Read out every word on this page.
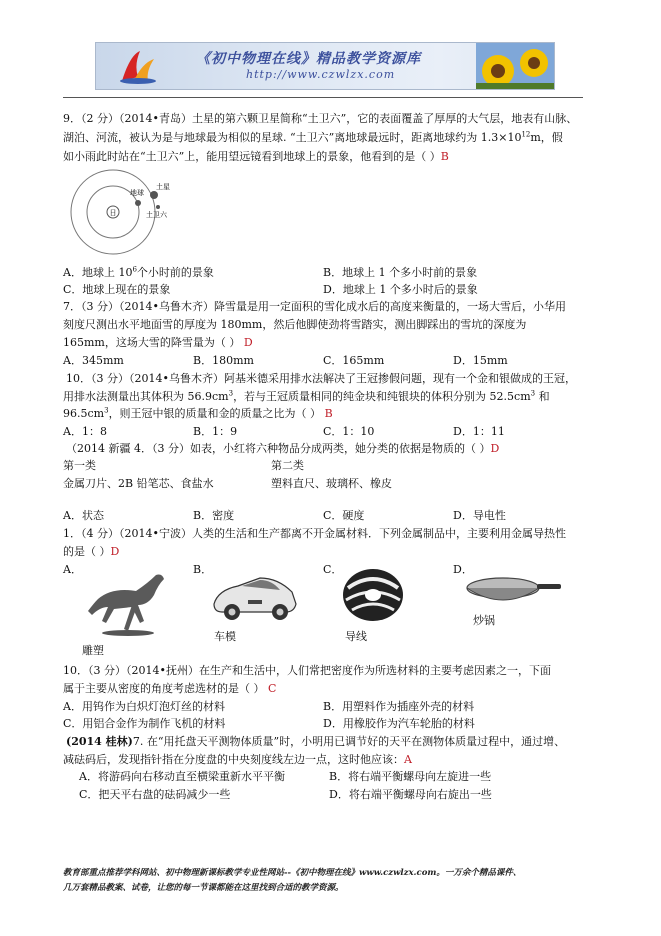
《初中物理在线》精品教学资源库
http://www.czwlzx.com
9．（2 分）（2014•青岛）土星的第六颗卫星简称“土卫六”，它的表面覆盖了厚厚的大气层，地表有山脉、
湖泊、河流，被认为是与地球最为相似的星球. “土卫六”离地球最远时，距离地球约为 $1.3\times 10^{12}m$，假
如小雨此时站在“土卫六”上，能用望远镜看到地球上的景象，他看到的是（ ）B
日
地球
土星
土卫六
A．地球上 $10^6$个小时前的景象	B．地球上 1 个多小时前的景象
C．地球上现在的景象	D．地球上 1 个多小时后的景象
7．（3 分）（2014•乌鲁木齐）降雪量是用一定面积的雪化成水后的高度来衡量的，一场大雪后，小华用
刻度尺测出水平地面雪的厚度为 180mm，然后他脚使劲将雪踏实，测出脚踩出的雪坑的深度为
165mm，这场大雪的降雪量为（ ） D
A．345mm	B．180mm	C．165mm	D．15mm
10．（3 分）（2014•乌鲁木齐）阿基米德采用排水法解决了王冠掺假问题，现有一个金和银做成的王冠，
用排水法测量出其体积为 $56.9cm^3$，若与王冠质量相同的纯金块和纯银块的体积分别为 $52.5cm^3$ 和
$96.5cm^3$，则王冠中银的质量和金的质量之比为（ ） B
A．1：8	B．1：9	C．1：10	D．1：11
（2014 新疆 4．（3 分）如表，小红将六种物品分成两类，她分类的依据是物质的（ ）D
第一类	第二类
金属刀片、2B 铅笔芯、食盐水	塑料直尺、玻璃杯、橡皮
A．状态	B．密度	C．硬度	D．导电性
1．（4 分）（2014•宁波）人类的生活和生产都离不开金属材料．下列金属制品中，主要利用金属导热性
的是（ ）D
A．	B．	C．	D．
雕塑
车模	导线
炒锅
10．（3 分）（2014•抚州）在生产和生活中，人们常把密度作为所选材料的主要考虑因素之一，下面
属于主要从密度的角度考虑选材的是（ ） C
A．用钨作为白炽灯泡灯丝的材料	B．用塑料作为插座外壳的材料
C．用铝合金作为制作飞机的材料	D．用橡胶作为汽车轮胎的材料
(2014 桂林)7. 在“用托盘天平测物体质量”时，小明用已调节好的天平在测物体质量过程中，通过增、
减砝码后，发现指针指在分度盘的中央刻度线左边一点，这时他应该：A
A．将游码向右移动直至横梁重新水平平衡	B．将右端平衡螺母向左旋进一些
C．把天平右盘的砝码减少一些	D．将右端平衡螺母向右旋出一些
教育部重点推荐学科网站、初中物理新课标教学专业性网站--《初中物理在线》www.czwlzx.com。一万余个精品课件、
几万套精品教案、试卷，让您的每一节课都能在这里找到合适的教学资源。
